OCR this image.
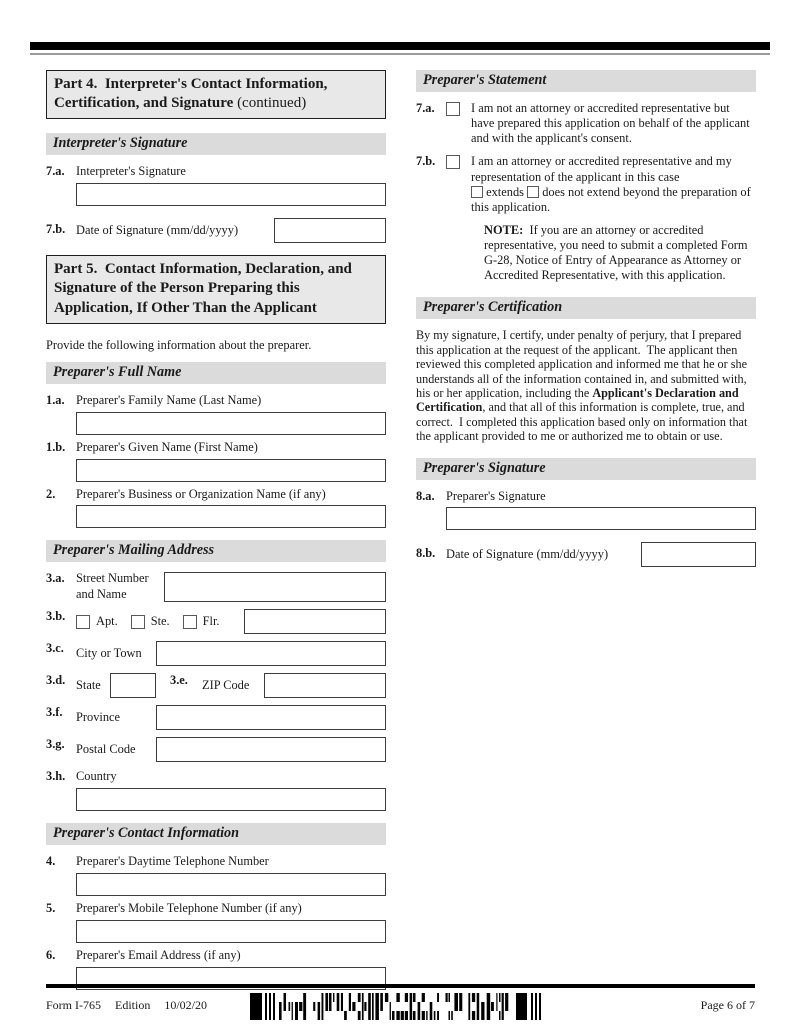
Part 4.  Interpreter's Contact Information, Certification, and Signature (continued)
Interpreter's Signature
7.a. Interpreter's Signature
7.b. Date of Signature (mm/dd/yyyy)
Part 5.  Contact Information, Declaration, and Signature of the Person Preparing this Application, If Other Than the Applicant
Provide the following information about the preparer.
Preparer's Full Name
1.a. Preparer's Family Name (Last Name)
1.b. Preparer's Given Name (First Name)
2.	Preparer's Business or Organization Name (if any)
Preparer's Mailing Address
3.a. Street Number and Name
3.b.	Apt.	Ste.	Flr.
3.c. City or Town
3.d. State	3.e.	ZIP Code
3.f.	Province
3.g. Postal Code
3.h. Country
Preparer's Contact Information
4.	Preparer's Daytime Telephone Number
5.	Preparer's Mobile Telephone Number (if any)
6.	Preparer's Email Address (if any)
Preparer's Statement
7.a.	I am not an attorney or accredited representative but have prepared this application on behalf of the applicant and with the applicant's consent.
7.b.	I am an attorney or accredited representative and my representation of the applicant in this case
extends does not extend beyond the preparation of this application.
NOTE:  If you are an attorney or accredited representative, you need to submit a completed Form G-28, Notice of Entry of Appearance as Attorney or Accredited Representative, with this application.
Preparer's Certification
By my signature, I certify, under penalty of perjury, that I prepared this application at the request of the applicant.  The applicant then reviewed this completed application and informed me that he or she understands all of the information contained in, and submitted with, his or her application, including the Applicant's Declaration and Certification, and that all of this information is complete, true, and correct.  I completed this application based only on information that the applicant provided to me or authorized me to obtain or use.
Preparer's Signature
8.a. Preparer's Signature
8.b. Date of Signature (mm/dd/yyyy)
Form I-765 Edition 10/02/20	Page 6 of 7
